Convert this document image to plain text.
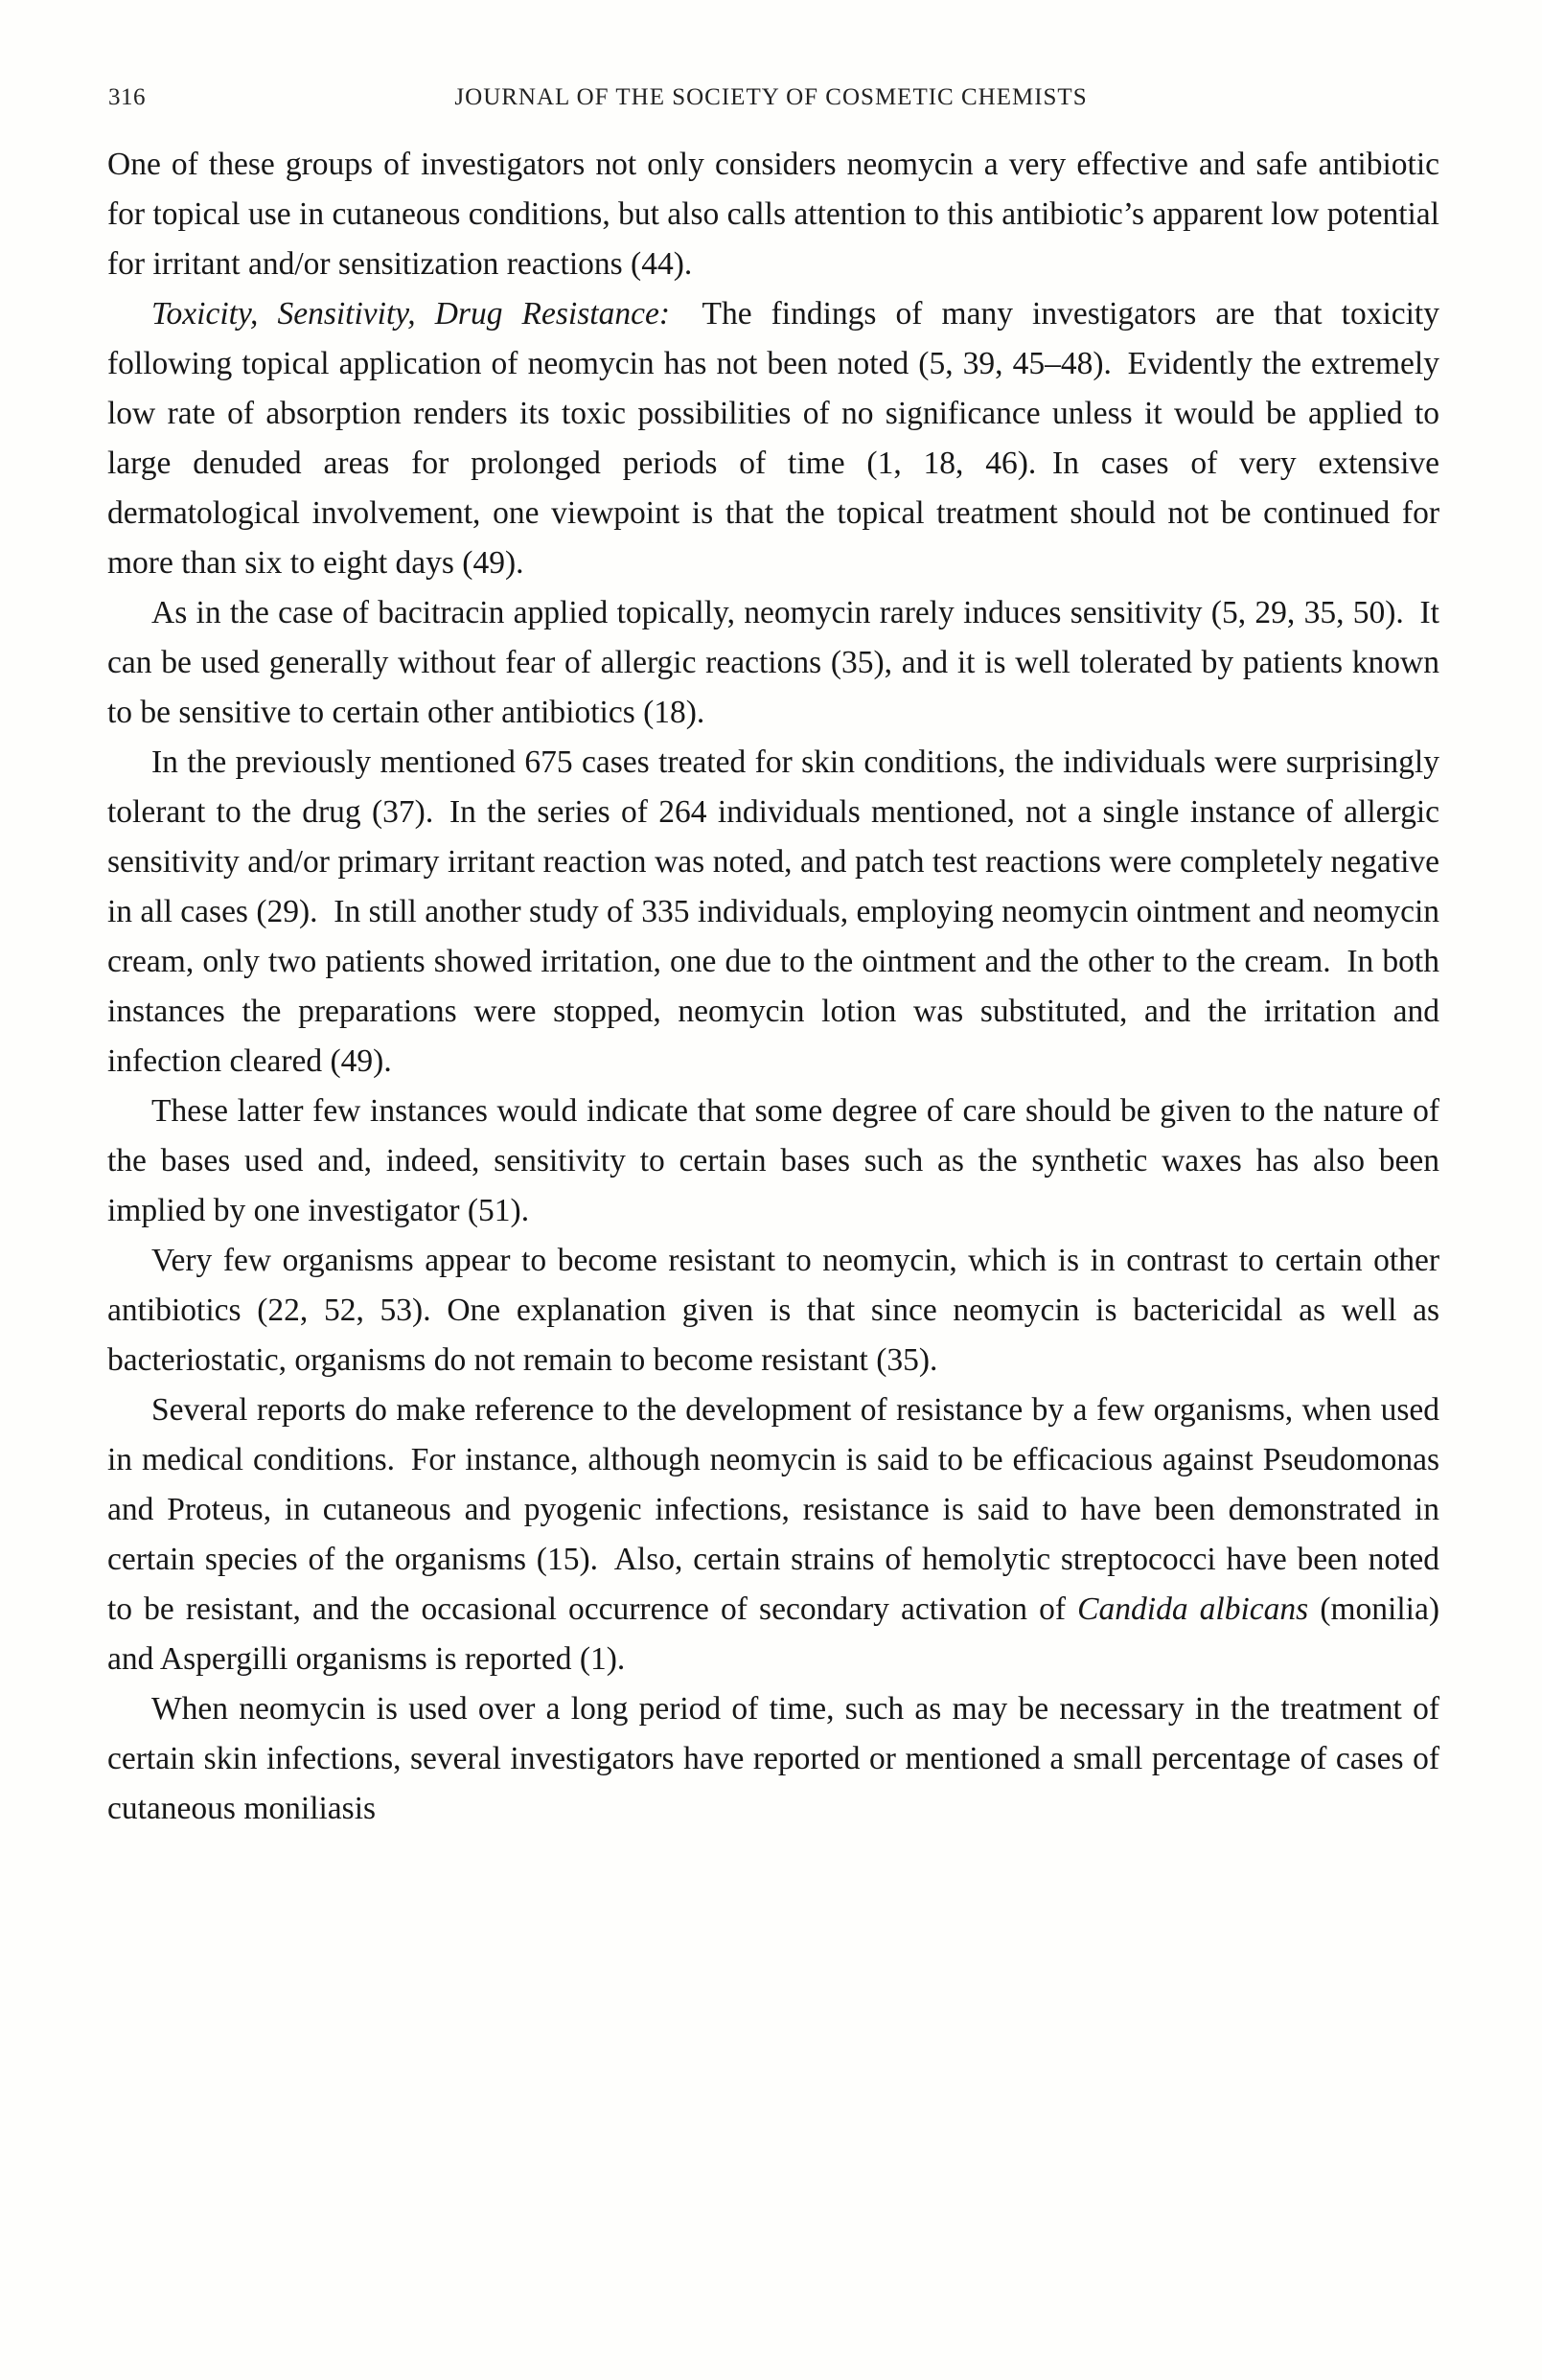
316	JOURNAL OF THE SOCIETY OF COSMETIC CHEMISTS

One of these groups of investigators not only considers neomycin a very effective and safe antibiotic for topical use in cutaneous conditions, but also calls attention to this antibiotic’s apparent low potential for irritant and/or sensitization reactions (44).

Toxicity, Sensitivity, Drug Resistance: The findings of many investigators are that toxicity following topical application of neomycin has not been noted (5, 39, 45–48). Evidently the extremely low rate of absorption renders its toxic possibilities of no significance unless it would be applied to large denuded areas for prolonged periods of time (1, 18, 46). In cases of very extensive dermatological involvement, one viewpoint is that the topical treatment should not be continued for more than six to eight days (49).

As in the case of bacitracin applied topically, neomycin rarely induces sensitivity (5, 29, 35, 50). It can be used generally without fear of allergic reactions (35), and it is well tolerated by patients known to be sensitive to certain other antibiotics (18).

In the previously mentioned 675 cases treated for skin conditions, the individuals were surprisingly tolerant to the drug (37). In the series of 264 individuals mentioned, not a single instance of allergic sensitivity and/or primary irritant reaction was noted, and patch test reactions were completely negative in all cases (29). In still another study of 335 individuals, employing neomycin ointment and neomycin cream, only two patients showed irritation, one due to the ointment and the other to the cream. In both instances the preparations were stopped, neomycin lotion was substituted, and the irritation and infection cleared (49).

These latter few instances would indicate that some degree of care should be given to the nature of the bases used and, indeed, sensitivity to certain bases such as the synthetic waxes has also been implied by one investigator (51).

Very few organisms appear to become resistant to neomycin, which is in contrast to certain other antibiotics (22, 52, 53). One explanation given is that since neomycin is bactericidal as well as bacteriostatic, organisms do not remain to become resistant (35).

Several reports do make reference to the development of resistance by a few organisms, when used in medical conditions. For instance, although neomycin is said to be efficacious against Pseudomonas and Proteus, in cutaneous and pyogenic infections, resistance is said to have been demonstrated in certain species of the organisms (15). Also, certain strains of hemolytic streptococci have been noted to be resistant, and the occasional occurrence of secondary activation of Candida albicans (monilia) and Aspergilli organisms is reported (1).

When neomycin is used over a long period of time, such as may be necessary in the treatment of certain skin infections, several investigators have reported or mentioned a small percentage of cases of cutaneous moniliasis
